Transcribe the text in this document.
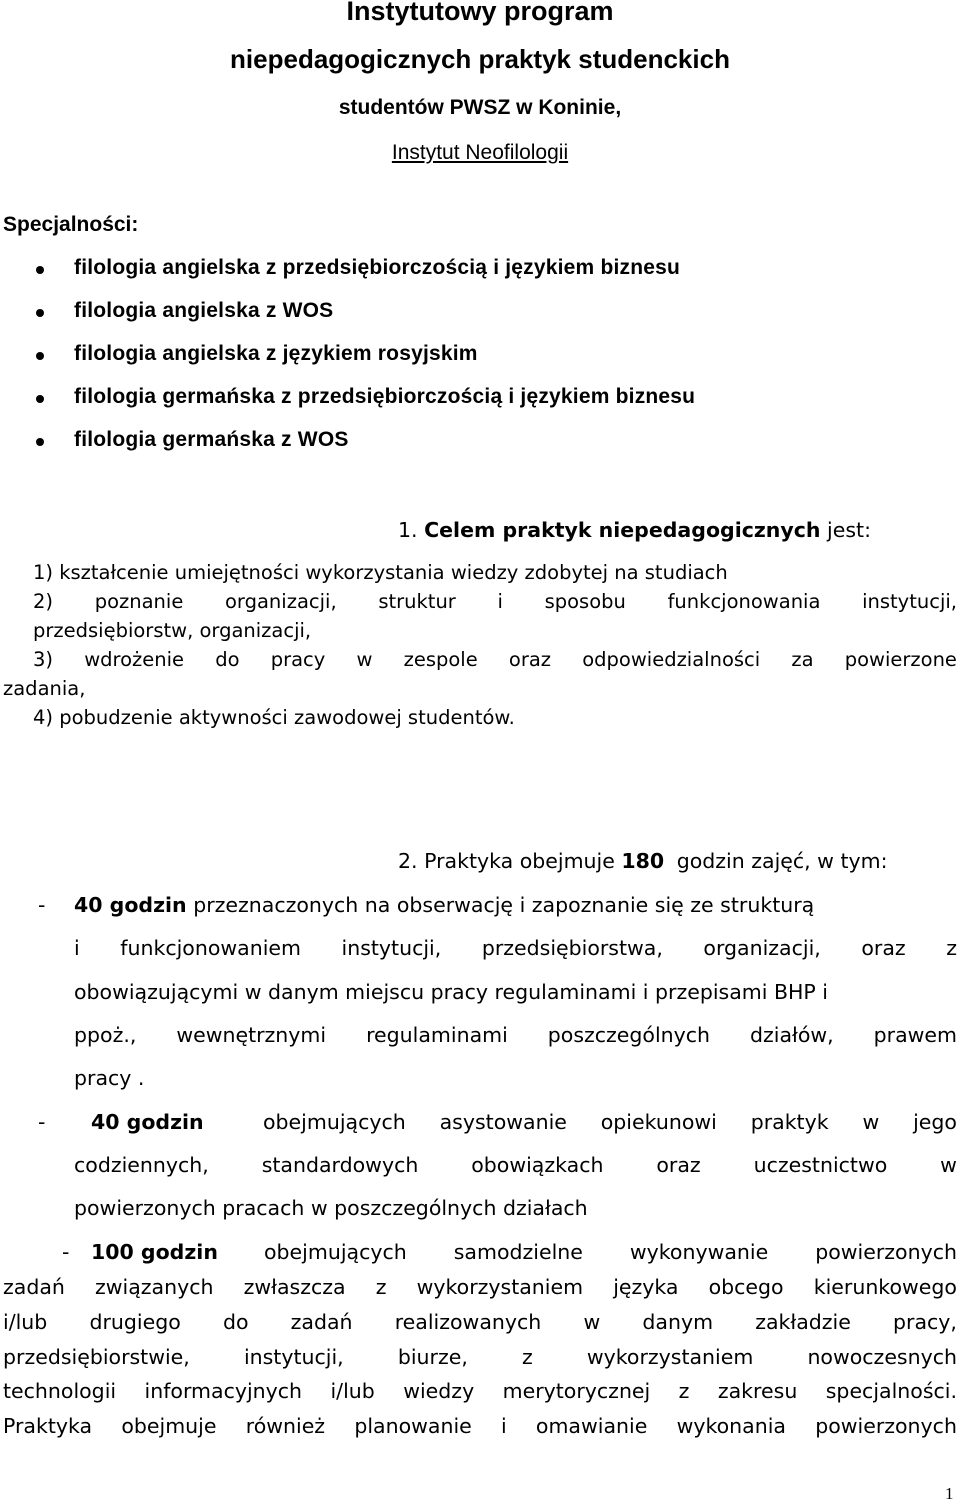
Instytutowy program
niepedagogicznych praktyk studenckich
studentów PWSZ w Koninie,
Instytut Neofilologii
Specjalności:
filologia angielska z przedsiębiorczością i językiem biznesu
filologia angielska z WOS
filologia angielska z językiem rosyjskim
filologia germańska z przedsiębiorczością i językiem biznesu
filologia germańska z WOS
1. Celem praktyk niepedagogicznych jest:
1) kształcenie umiejętności wykorzystania wiedzy zdobytej na studiach
2) poznanie organizacji, struktur i sposobu funkcjonowania instytucji,
przedsiębiorstw, organizacji,
3) wdrożenie do pracy w zespole oraz odpowiedzialności za powierzone
zadania,
4) pobudzenie aktywności zawodowej studentów.
2. Praktyka obejmuje 180 godzin zajęć, w tym:
- 40 godzin przeznaczonych na obserwację i zapoznanie się ze strukturą
i funkcjonowaniem instytucji, przedsiębiorstwa, organizacji, oraz z
obowiązującymi w danym miejscu pracy regulaminami i przepisami BHP i
ppoż., wewnętrznymi regulaminami poszczególnych działów, prawem
pracy .
- 40 godzin	obejmujących asystowanie opiekunowi praktyk w jego
codziennych,	standardowych	obowiązkach	oraz	uczestnictwo	w
powierzonych pracach w poszczególnych działach
- 100 godzin obejmujących samodzielne wykonywanie powierzonych
zadań związanych zwłaszcza z wykorzystaniem języka obcego kierunkowego
i/lub drugiego do zadań realizowanych w danym zakładzie pracy,
przedsiębiorstwie,	instytucji,	biurze,	z	wykorzystaniem	nowoczesnych
technologii informacyjnych i/lub wiedzy merytorycznej z zakresu specjalności.
Praktyka obejmuje również planowanie i omawianie wykonania powierzonych
1
